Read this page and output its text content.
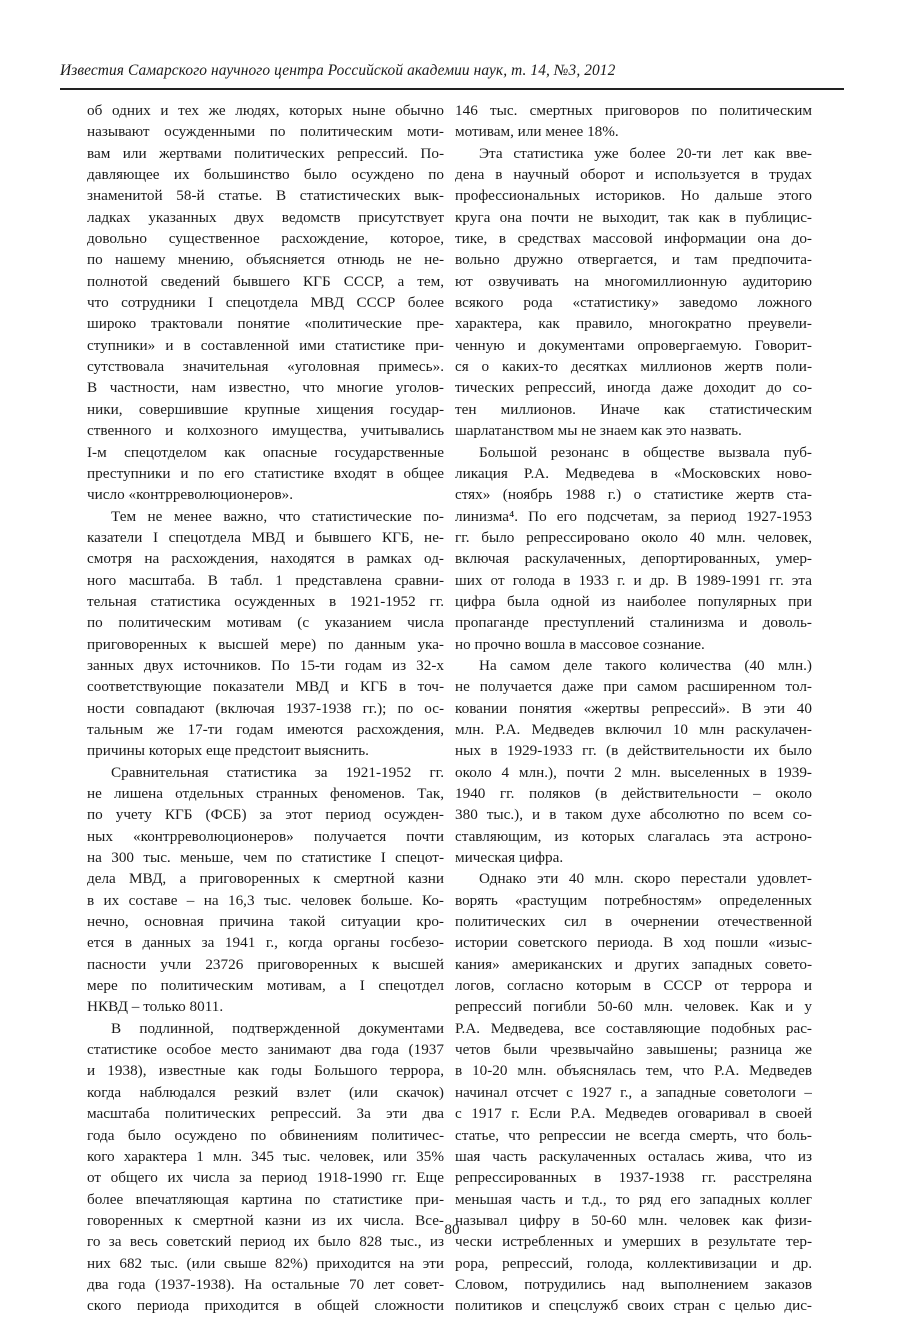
Известия Самарского научного центра Российской академии наук, т. 14, №3, 2012
об одних и тех же людях, которых ныне обычно
называют осужденными по политическим моти-
вам или жертвами политических репрессий. По-
давляющее их большинство было осуждено по
знаменитой 58-й статье. В статистических вык-
ладках указанных двух ведомств присутствует
довольно существенное расхождение, которое,
по нашему мнению, объясняется отнюдь не не-
полнотой сведений бывшего КГБ СССР, а тем,
что сотрудники I спецотдела МВД СССР более
широко трактовали понятие «политические пре-
ступники» и в составленной ими статистике при-
сутствовала значительная «уголовная примесь».
В частности, нам известно, что многие уголов-
ники, совершившие крупные хищения государ-
ственного и колхозного имущества, учитывались
I-м спецотделом как опасные государственные
преступники и по его статистике входят в общее
число «контрреволюционеров».
Тем не менее важно, что статистические по-
казатели I спецотдела МВД и бывшего КГБ, не-
смотря на расхождения, находятся в рамках од-
ного масштаба. В табл. 1 представлена сравни-
тельная статистика осужденных в 1921-1952 гг.
по политическим мотивам (с указанием числа
приговоренных к высшей мере) по данным ука-
занных двух источников. По 15-ти годам из 32-х
соответствующие показатели МВД и КГБ в точ-
ности совпадают (включая 1937-1938 гг.); по ос-
тальным же 17-ти годам имеются расхождения,
причины которых еще предстоит выяснить.
Сравнительная статистика за 1921-1952 гг.
не лишена отдельных странных феноменов. Так,
по учету КГБ (ФСБ) за этот период осужден-
ных «контрреволюционеров» получается почти
на 300 тыс. меньше, чем по статистике I спецот-
дела МВД, а приговоренных к смертной казни
в их составе – на 16,3 тыс. человек больше. Ко-
нечно, основная причина такой ситуации кро-
ется в данных за 1941 г., когда органы госбезо-
пасности учли 23726 приговоренных к высшей
мере по политическим мотивам, а I спецотдел
НКВД – только 8011.
В подлинной, подтвержденной документами
статистике особое место занимают два года (1937
и 1938), известные как годы Большого террора,
когда наблюдался резкий взлет (или скачок)
масштаба политических репрессий. За эти два
года было осуждено по обвинениям политичес-
кого характера 1 млн. 345 тыс. человек, или 35%
от общего их числа за период 1918-1990 гг. Еще
более впечатляющая картина по статистике при-
говоренных к смертной казни из их числа. Все-
го за весь советский период их было 828 тыс., из
них 682 тыс. (или свыше 82%) приходится на эти
два года (1937-1938). На остальные 70 лет совет-
ского периода приходится в общей сложности
146 тыс. смертных приговоров по политическим
мотивам, или менее 18%.
Эта статистика уже более 20-ти лет как вве-
дена в научный оборот и используется в трудах
профессиональных историков. Но дальше этого
круга она почти не выходит, так как в публицис-
тике, в средствах массовой информации она до-
вольно дружно отвергается, и там предпочита-
ют озвучивать на многомиллионную аудиторию
всякого рода «статистику» заведомо ложного
характера, как правило, многократно преувели-
ченную и документами опровергаемую. Говорит-
ся о каких-то десятках миллионов жертв поли-
тических репрессий, иногда даже доходит до со-
тен миллионов. Иначе как статистическим
шарлатанством мы не знаем как это назвать.
Большой резонанс в обществе вызвала пуб-
ликация Р.А. Медведева в «Московских ново-
стях» (ноябрь 1988 г.) о статистике жертв ста-
линизма⁴. По его подсчетам, за период 1927-1953
гг. было репрессировано около 40 млн. человек,
включая раскулаченных, депортированных, умер-
ших от голода в 1933 г. и др. В 1989-1991 гг. эта
цифра была одной из наиболее популярных при
пропаганде преступлений сталинизма и доволь-
но прочно вошла в массовое сознание.
На самом деле такого количества (40 млн.)
не получается даже при самом расширенном тол-
ковании понятия «жертвы репрессий». В эти 40
млн. Р.А. Медведев включил 10 млн раскулачен-
ных в 1929-1933 гг. (в действительности их было
около 4 млн.), почти 2 млн. выселенных в 1939-
1940 гг. поляков (в действительности – около
380 тыс.), и в таком духе абсолютно по всем со-
ставляющим, из которых слагалась эта астроно-
мическая цифра.
Однако эти 40 млн. скоро перестали удовлет-
ворять «растущим потребностям» определенных
политических сил в очернении отечественной
истории советского периода. В ход пошли «изыс-
кания» американских и других западных совето-
логов, согласно которым в СССР от террора и
репрессий погибли 50-60 млн. человек. Как и у
Р.А. Медведева, все составляющие подобных рас-
четов были чрезвычайно завышены; разница же
в 10-20 млн. объяснялась тем, что Р.А. Медведев
начинал отсчет с 1927 г., а западные советологи –
с 1917 г. Если Р.А. Медведев оговаривал в своей
статье, что репрессии не всегда смерть, что боль-
шая часть раскулаченных осталась жива, что из
репрессированных в 1937-1938 гг. расстреляна
меньшая часть и т.д., то ряд его западных коллег
называл цифру в 50-60 млн. человек как физи-
чески истребленных и умерших в результате тер-
рора, репрессий, голода, коллективизации и др.
Словом, потрудились над выполнением заказов
политиков и спецслужб своих стран с целью дис-
80
